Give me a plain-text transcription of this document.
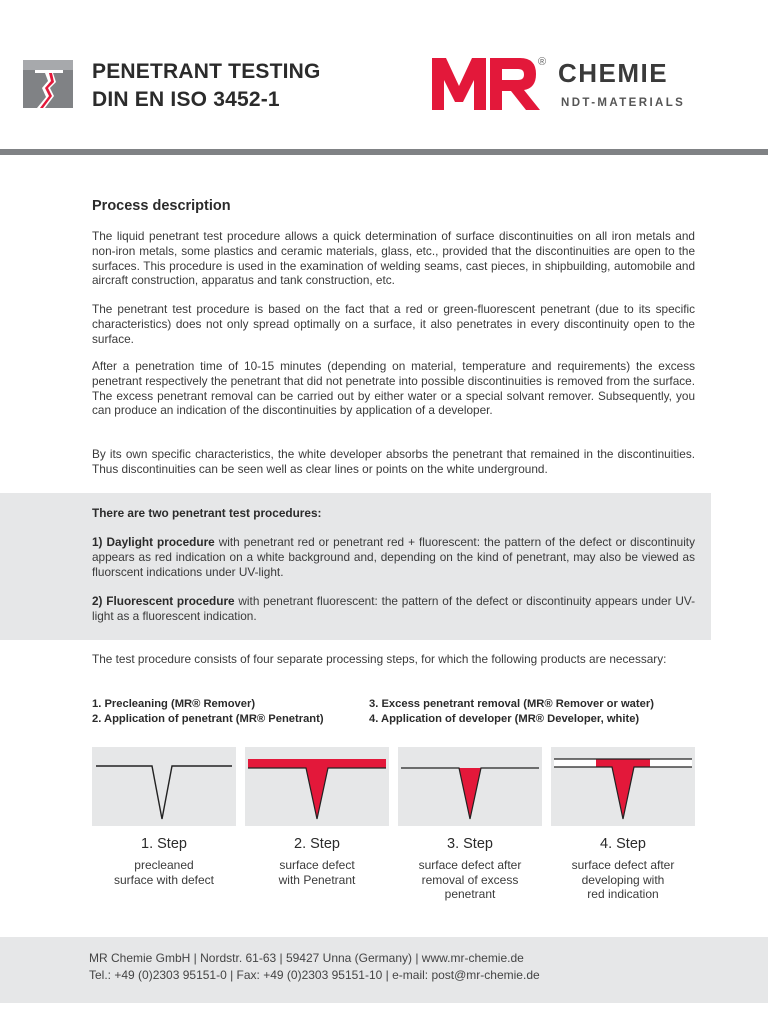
PENETRANT TESTING
DIN EN ISO 3452-1
® CHEMIE
NDT-MATERIALS
Process description
The liquid penetrant test procedure allows a quick determination of surface discontinuities on all iron metals and non-iron metals, some plastics and ceramic materials, glass, etc., provided that the discontinuities are open to the surfaces. This procedure is used in the examination of welding seams, cast pieces, in shipbuilding, automobile and aircraft construction, apparatus and tank construction, etc.
The penetrant test procedure is based on the fact that a red or green-fluorescent penetrant (due to its specific characteristics) does not only spread optimally on a surface, it also penetrates in every discontinuity open to the surface.
After a penetration time of 10-15 minutes (depending on material, temperature and requirements) the excess penetrant respectively the penetrant that did not penetrate into possible discontinuities is removed from the surface. The excess penetrant removal can be carried out by either water or a special solvant remover. Subsequently, you can produce an indication of the discontinuities by application of a developer.
By its own specific characteristics, the white developer absorbs the penetrant that remained in the discontinuities. Thus discontinuities can be seen well as clear lines or points on the white underground.
There are two penetrant test procedures:
1) Daylight procedure with penetrant red or penetrant red + fluorescent: the pattern of the defect or discontinuity appears as red indication on a white background and, depending on the kind of penetrant, may also be viewed as fluorscent indications under UV-light.
2) Fluorescent procedure with penetrant fluorescent: the pattern of the defect or discontinuity appears under UV-light as a fluorescent indication.
The test procedure consists of four separate processing steps, for which the following products are necessary:
1. Precleaning (MR® Remover)
2. Application of penetrant (MR® Penetrant)
3. Excess penetrant removal (MR® Remover or water)
4. Application of developer (MR® Developer, white)
1. Step
precleaned
surface with defect
2. Step
surface defect
with Penetrant
3. Step
surface defect after
removal of excess
penetrant
4. Step
surface defect after
developing with
red indication
MR Chemie GmbH | Nordstr. 61-63 | 59427 Unna (Germany) | www.mr-chemie.de
Tel.: +49 (0)2303 95151-0 | Fax: +49 (0)2303 95151-10 | e-mail: post@mr-chemie.de
